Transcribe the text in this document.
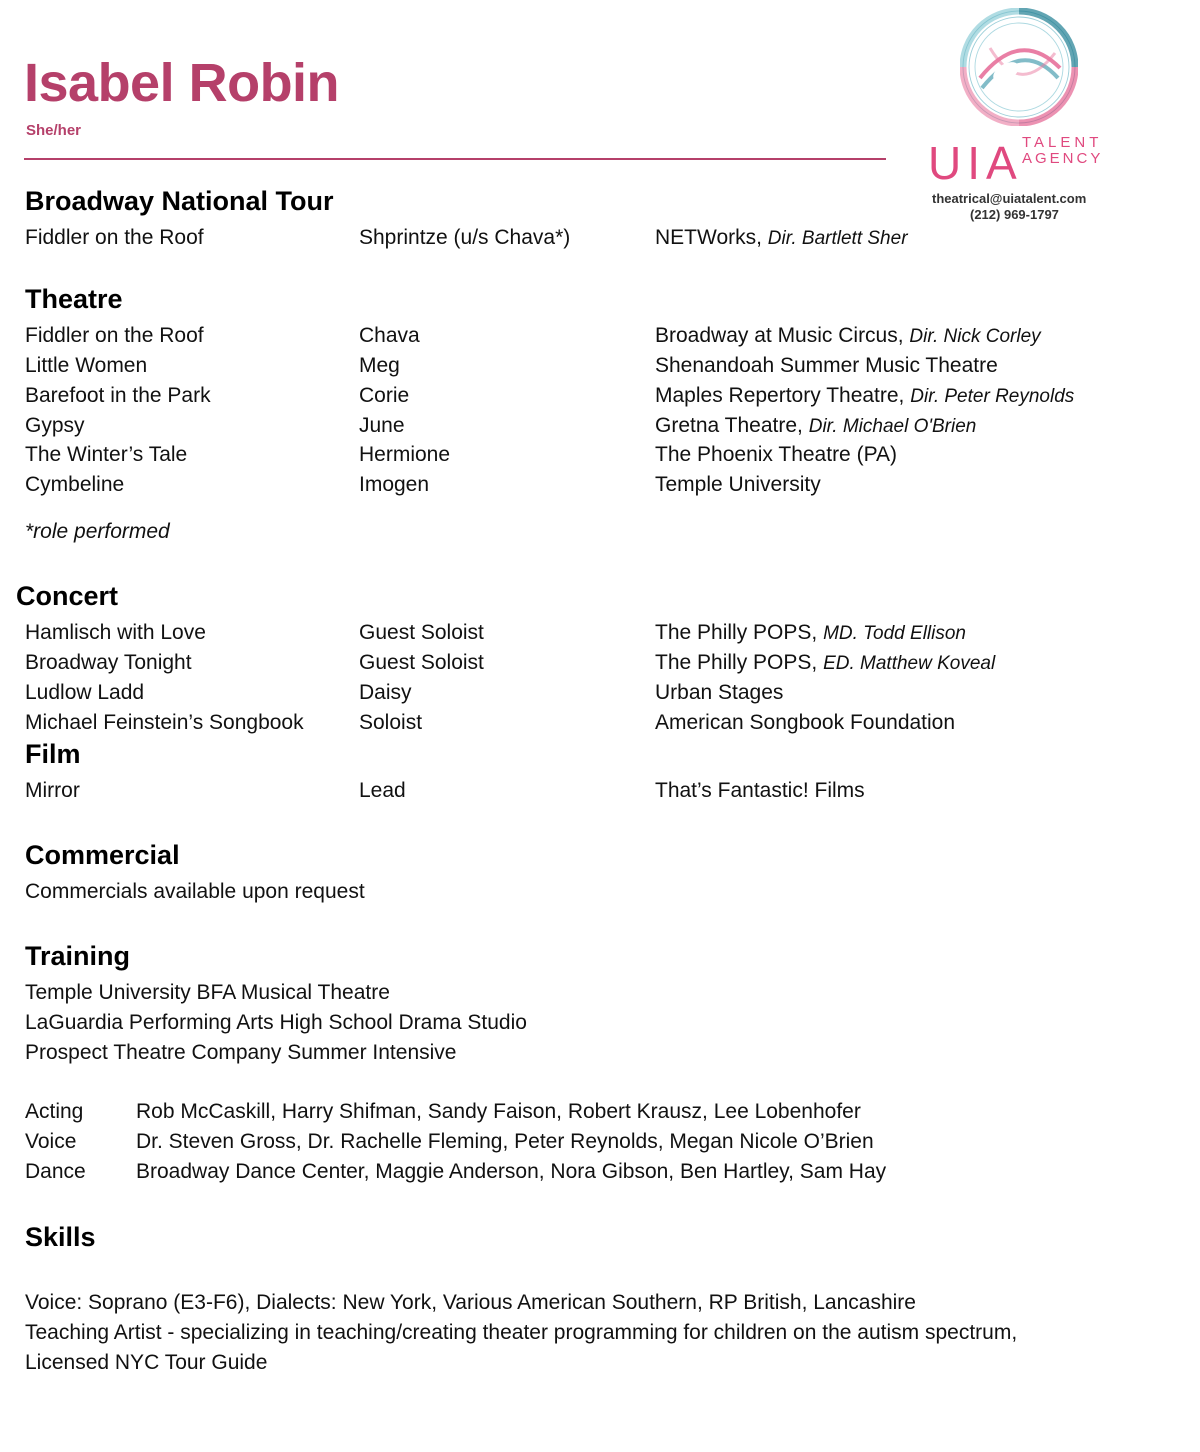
Isabel Robin
She/her
UIA TALENT
AGENCY
theatrical@uiatalent.com
(212) 969-1797
Broadway National Tour
Fiddler on the Roof	Shprintze (u/s Chava*)	NETWorks, Dir. Bartlett Sher
Theatre
Fiddler on the Roof	Chava	Broadway at Music Circus, Dir. Nick Corley
Little Women	Meg	Shenandoah Summer Music Theatre
Barefoot in the Park	Corie	Maples Repertory Theatre, Dir. Peter Reynolds
Gypsy	June	Gretna Theatre, Dir. Michael O'Brien
The Winter’s Tale	Hermione	The Phoenix Theatre (PA)
Cymbeline	Imogen	Temple University
*role performed
Concert
Hamlisch with Love	Guest Soloist	The Philly POPS, MD. Todd Ellison
Broadway Tonight	Guest Soloist	The Philly POPS, ED. Matthew Koveal
Ludlow Ladd	Daisy	Urban Stages
Michael Feinstein’s Songbook	Soloist	American Songbook Foundation
Film
Mirror	Lead	That’s Fantastic! Films
Commercial
Commercials available upon request
Training
Temple University BFA Musical Theatre
LaGuardia Performing Arts High School Drama Studio
Prospect Theatre Company Summer Intensive
Acting	Rob McCaskill, Harry Shifman, Sandy Faison, Robert Krausz, Lee Lobenhofer
Voice	Dr. Steven Gross, Dr. Rachelle Fleming, Peter Reynolds, Megan Nicole O’Brien
Dance Broadway Dance Center, Maggie Anderson, Nora Gibson, Ben Hartley, Sam Hay
Skills
Voice: Soprano (E3-F6), Dialects: New York, Various American Southern, RP British, Lancashire
Teaching Artist - specializing in teaching/creating theater programming for children on the autism spectrum,
Licensed NYC Tour Guide
